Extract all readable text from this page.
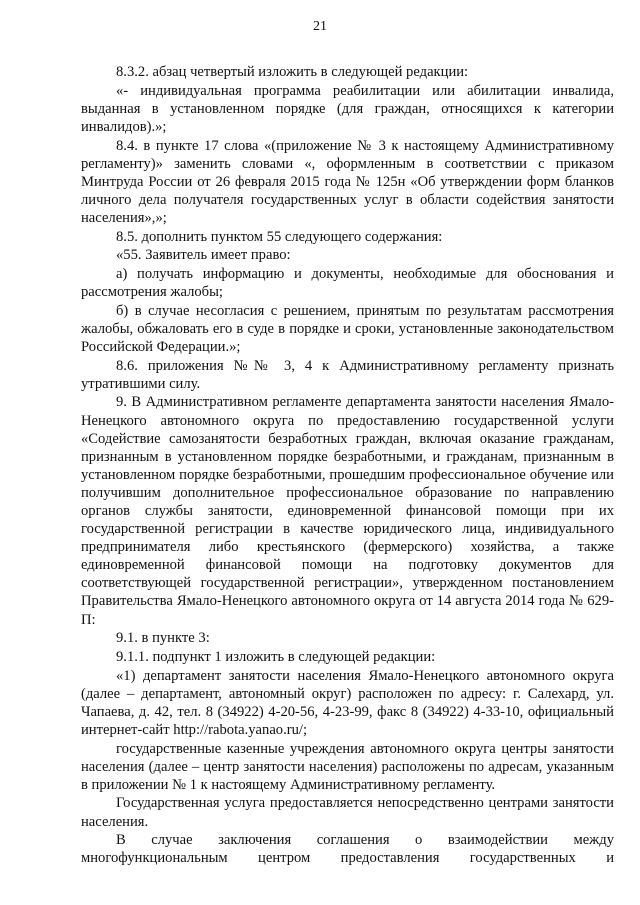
21

8.3.2. абзац четвертый изложить в следующей редакции:

«- индивидуальная программа реабилитации или абилитации инвалида, выданная в установленном порядке (для граждан, относящихся к категории инвалидов).»;

8.4. в пункте 17 слова «(приложение № 3 к настоящему Административному регламенту)» заменить словами «, оформленным в соответствии с приказом Минтруда России от 26 февраля 2015 года № 125н «Об утверждении форм бланков личного дела получателя государственных услуг в области содействия занятости населения»,»;

8.5. дополнить пунктом 55 следующего содержания:

«55. Заявитель имеет право:

а) получать информацию и документы, необходимые для обоснования и рассмотрения жалобы;

б) в случае несогласия с решением, принятым по результатам рассмотрения жалобы, обжаловать его в суде в порядке и сроки, установленные законодательством Российской Федерации.»;

8.6. приложения №№ 3, 4 к Административному регламенту признать утратившими силу.

9. В Административном регламенте департамента занятости населения Ямало-Ненецкого автономного округа по предоставлению государственной услуги «Содействие самозанятости безработных граждан, включая оказание гражданам, признанным в установленном порядке безработными, и гражданам, признанным в установленном порядке безработными, прошедшим профессиональное обучение или получившим дополнительное профессиональное образование по направлению органов службы занятости, единовременной финансовой помощи при их государственной регистрации в качестве юридического лица, индивидуального предпринимателя либо крестьянского (фермерского) хозяйства, а также единовременной финансовой помощи на подготовку документов для соответствующей государственной регистрации», утвержденном постановлением Правительства Ямало-Ненецкого автономного округа от 14 августа 2014 года № 629-П:

9.1. в пункте 3:

9.1.1. подпункт 1 изложить в следующей редакции:

«1) департамент занятости населения Ямало-Ненецкого автономного округа (далее – департамент, автономный округ) расположен по адресу: г. Салехард, ул. Чапаева, д. 42, тел. 8 (34922) 4-20-56, 4-23-99, факс 8 (34922) 4-33-10, официальный интернет-сайт http://rabota.yanao.ru/;

государственные казенные учреждения автономного округа центры занятости населения (далее – центр занятости населения) расположены по адресам, указанным в приложении № 1 к настоящему Административному регламенту.

Государственная услуга предоставляется непосредственно центрами занятости населения.

В случае заключения соглашения о взаимодействии между многофункциональным центром предоставления государственных и
